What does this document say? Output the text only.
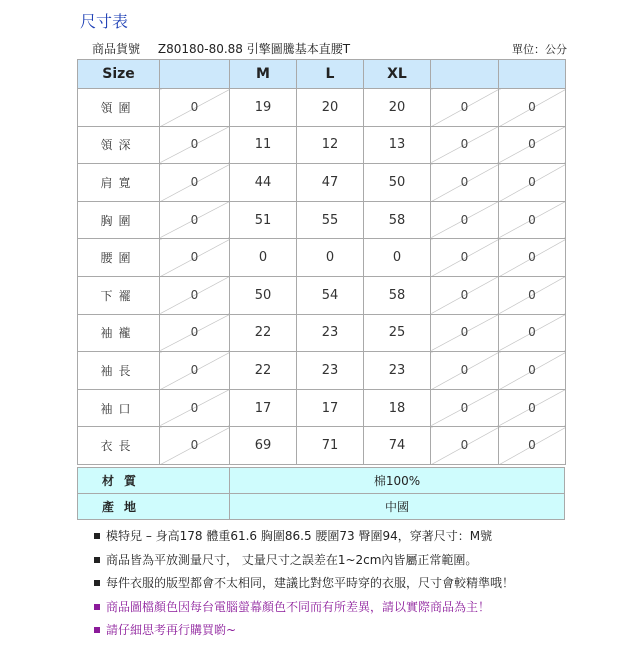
尺寸表
商品貨號 Z80180-80.88 引擎圖騰基本直腰T	單位：公分
Size		M	L	XL		
領圍	0	19	20	20	0	0
領深	0	11	12	13	0	0
肩寬	0	44	47	50	0	0
胸圍	0	51	55	58	0	0
腰圍	0	0	0	0	0	0
下襬	0	50	54	58	0	0
袖襱	0	22	23	25	0	0
袖長	0	22	23	23	0	0
袖口	0	17	17	18	0	0
衣長	0	69	71	74	0	0
材質	棉100%
產地	中國
模特兒 – 身高178 體重61.6 胸圍86.5 腰圍73 臀圍94，穿著尺寸：M號
商品皆為平放測量尺寸， 丈量尺寸之誤差在1~2cm內皆屬正常範圍。
每件衣服的版型都會不太相同，建議比對您平時穿的衣服，尺寸會較精準哦！
商品圖檔顏色因每台電腦螢幕顏色不同而有所差異，請以實際商品為主！
請仔細思考再行購買喲~
